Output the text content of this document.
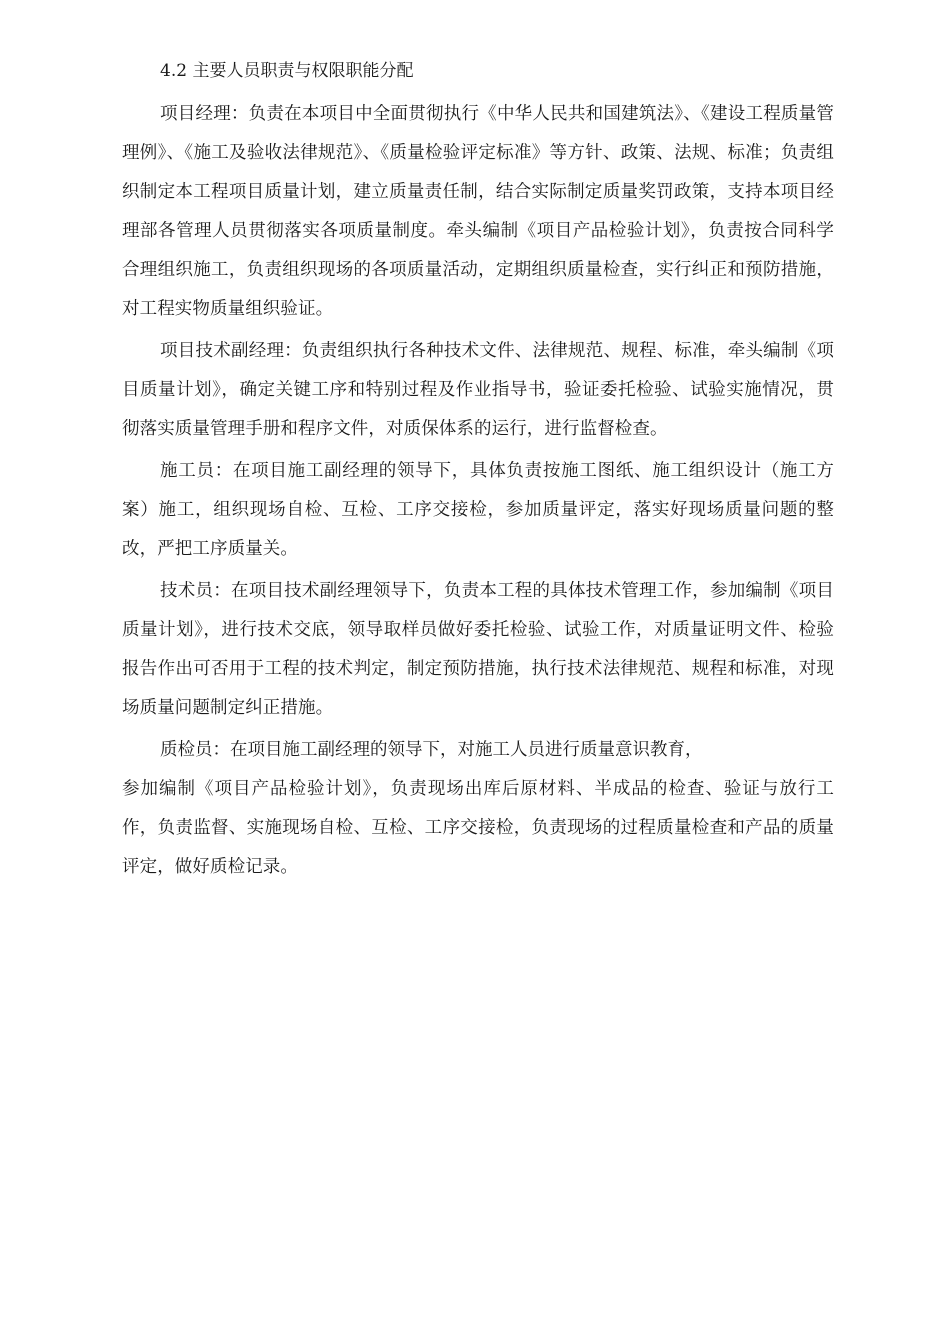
4.2 主要人员职责与权限职能分配

项目经理：负责在本项目中全面贯彻执行《中华人民共和国建筑法》、《建设工程质量管理例》、《施工及验收法律规范》、《质量检验评定标准》等方针、政策、法规、标准；负责组织制定本工程项目质量计划，建立质量责任制，结合实际制定质量奖罚政策，支持本项目经理部各管理人员贯彻落实各项质量制度。牵头编制《项目产品检验计划》，负责按合同科学合理组织施工，负责组织现场的各项质量活动，定期组织质量检查，实行纠正和预防措施，对工程实物质量组织验证。

项目技术副经理：负责组织执行各种技术文件、法律规范、规程、标准，牵头编制《项目质量计划》，确定关键工序和特别过程及作业指导书，验证委托检验、试验实施情况，贯彻落实质量管理手册和程序文件，对质保体系的运行，进行监督检查。

施工员：在项目施工副经理的领导下，具体负责按施工图纸、施工组织设计（施工方案）施工，组织现场自检、互检、工序交接检，参加质量评定，落实好现场质量问题的整改，严把工序质量关。

技术员：在项目技术副经理领导下，负责本工程的具体技术管理工作，参加编制《项目质量计划》，进行技术交底，领导取样员做好委托检验、试验工作，对质量证明文件、检验报告作出可否用于工程的技术判定，制定预防措施，执行技术法律规范、规程和标准，对现场质量问题制定纠正措施。

质检员：在项目施工副经理的领导下，对施工人员进行质量意识教育，

参加编制《项目产品检验计划》，负责现场出库后原材料、半成品的检查、验证与放行工作，负责监督、实施现场自检、互检、工序交接检，负责现场的过程质量检查和产品的质量评定，做好质检记录。
